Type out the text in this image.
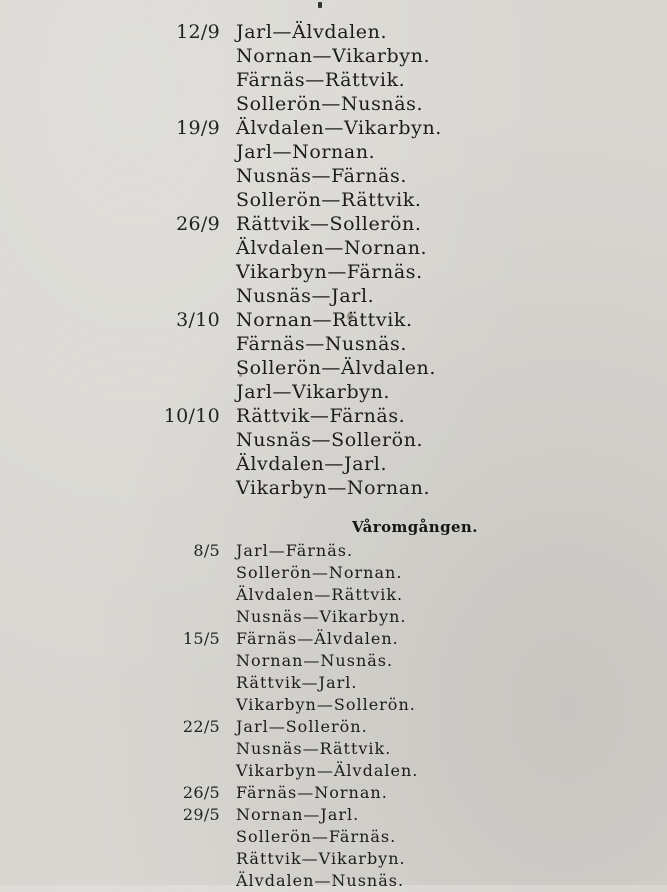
12/9 Jarl—Älvdalen.
Nornan—Vikarbyn.
Färnäs—Rättvik.
Sollerön—Nusnäs.
19/9 Älvdalen—Vikarbyn.
Jarl—Nornan.
Nusnäs—Färnäs.
Sollerön—Rättvik.
26/9 Rättvik—Sollerön.
Älvdalen—Nornan.
Vikarbyn—Färnäs.
Nusnäs—Jarl.
3/10 Nornan—Rättvik.
Färnäs—Nusnäs.
Sollerön—Älvdalen.
Jarl—Vikarbyn.
10/10 Rättvik—Färnäs.
Nusnäs—Sollerön.
Älvdalen—Jarl.
Vikarbyn—Nornan.
Våromgången.
8/5	Jarl—Färnäs.
Sollerön—Nornan.
Älvdalen—Rättvik.
Nusnäs—Vikarbyn.
15/5	Färnäs—Älvdalen.
Nornan—Nusnäs.
Rättvik—Jarl.
Vikarbyn—Sollerön.
22/5	Jarl—Sollerön.
Nusnäs—Rättvik.
Vikarbyn—Älvdalen.
26/5	Färnäs—Nornan.
29/5	Nornan—Jarl.
Sollerön—Färnäs.
Rättvik—Vikarbyn.
Älvdalen—Nusnäs.
